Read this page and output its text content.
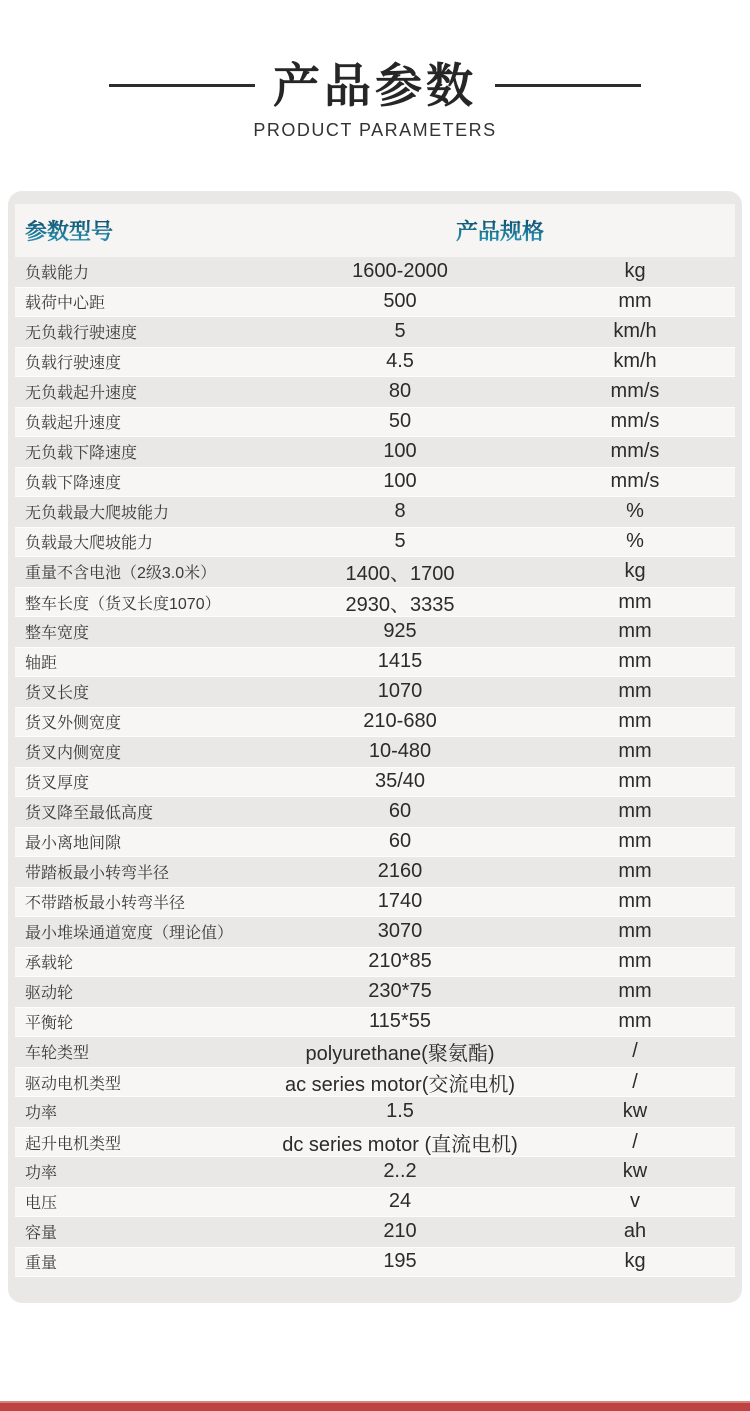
产品参数
PRODUCT PARAMETERS
参数型号	产品规格
负载能力	1600-2000	kg
载荷中心距	500	mm
无负载行驶速度	5	km/h
负载行驶速度	4.5	km/h
无负载起升速度	80	mm/s
负载起升速度	50	mm/s
无负载下降速度	100	mm/s
负载下降速度	100	mm/s
无负载最大爬坡能力	8	%
负载最大爬坡能力	5	%
重量不含电池（2级3.0米）	1400、1700	kg
整车长度（货叉长度1070）	2930、3335	mm
整车宽度	925	mm
轴距	1415	mm
货叉长度	1070	mm
货叉外侧宽度	210-680	mm
货叉内侧宽度	10-480	mm
货叉厚度	35/40	mm
货叉降至最低高度	60	mm
最小离地间隙	60	mm
带踏板最小转弯半径	2160	mm
不带踏板最小转弯半径	1740	mm
最小堆垛通道宽度（理论值）	3070	mm
承载轮	210*85	mm
驱动轮	230*75	mm
平衡轮	115*55	mm
车轮类型	polyurethane(聚氨酯)	/
驱动电机类型	ac series motor(交流电机)	/
功率	1.5	kw
起升电机类型	dc series motor (直流电机)	/
功率	2..2	kw
电压	24	v
容量	210	ah
重量	195	kg
